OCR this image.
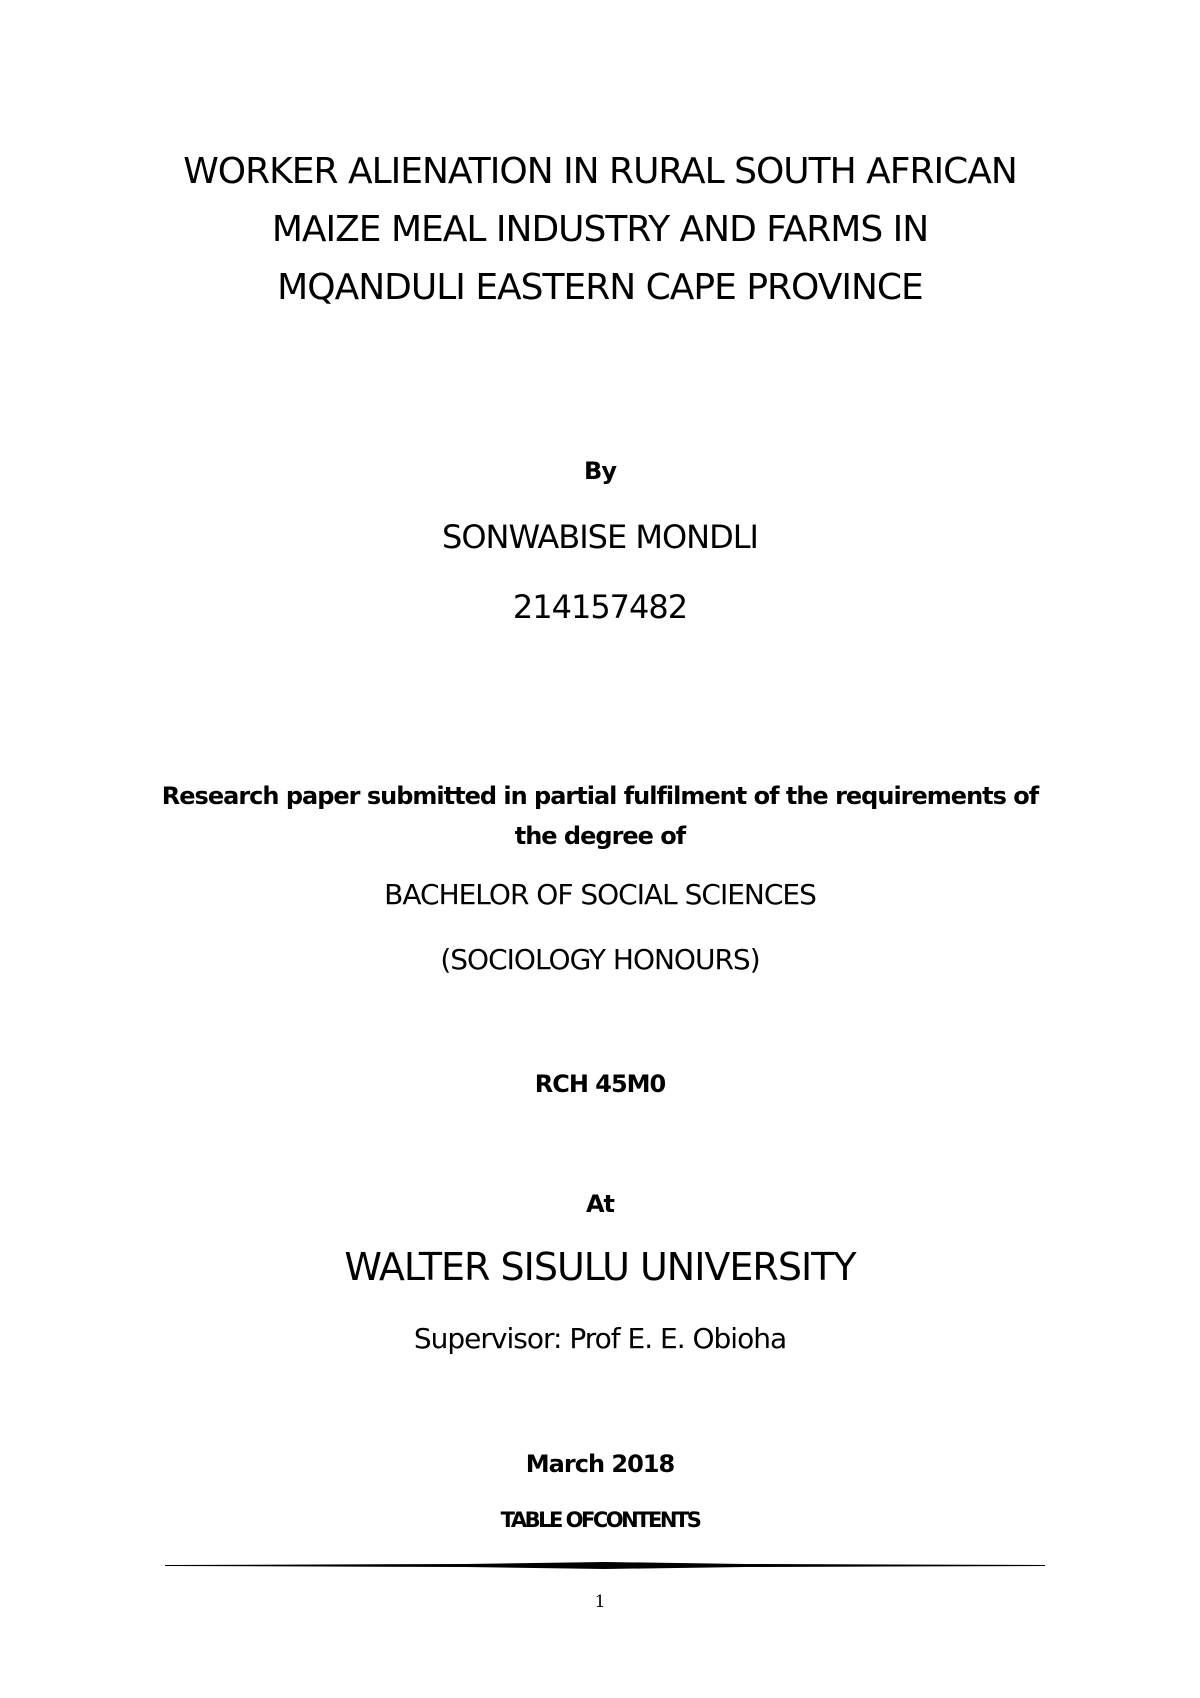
WORKER ALIENATION IN RURAL SOUTH AFRICAN
MAIZE MEAL INDUSTRY AND FARMS IN
MQANDULI EASTERN CAPE PROVINCE
By
SONWABISE MONDLI
214157482
Research paper submitted in partial fulfilment of the requirements of the degree of
BACHELOR OF SOCIAL SCIENCES
(SOCIOLOGY HONOURS)
RCH 45M0
At
WALTER SISULU UNIVERSITY
Supervisor: Prof E. E. Obioha
March 2018
TABLE OFCONTENTS
1
